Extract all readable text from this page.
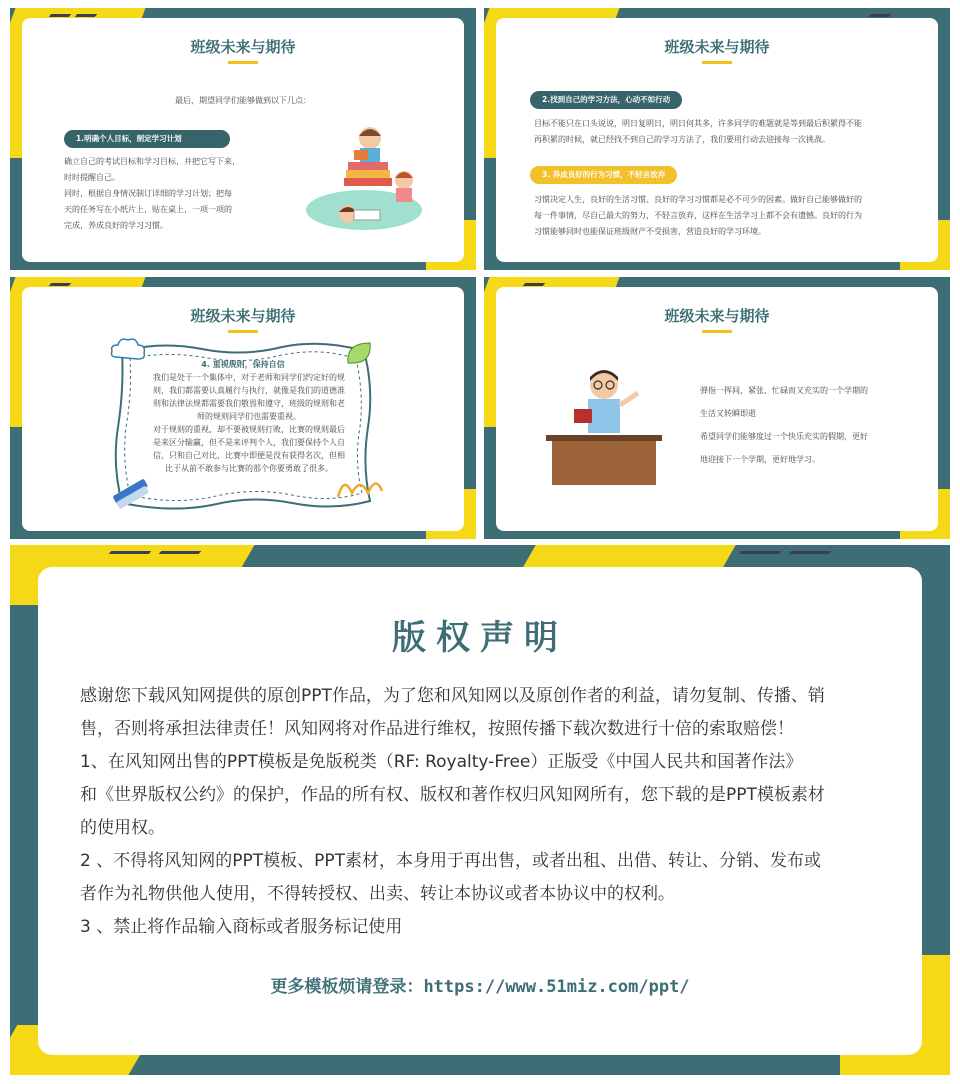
班级未来与期待
最后，期望同学们能够做到以下几点：
1.明确个人目标，制定学习计划
确立自己的考试目标和学习目标，并把它写下来，
时时提醒自己。
同时，根据自身情况制订详细的学习计划；把每
天的任务写在小纸片上，贴在桌上，一项一项的
完成，养成良好的学习习惯。
班级未来与期待
2.找到自己的学习方法，心动不如行动
目标不能只在口头说说，明日复明日，明日何其多，许多同学的难题就是等到最后积累得不能
再积累的时候，就已经找不到自己的学习方法了，我们要用行动去迎接每一次挑战。
3. 养成良好的行为习惯，不轻言放弃
习惯决定人生，良好的生活习惯、良好的学习习惯都是必不可少的因素。做好自己能够做好的
每一件事情，尽自己最大的努力，不轻言放弃，这样在生活学习上都不会有遗憾。良好的行为
习惯能够同时也能保证班级财产不受损害，营造良好的学习环境。
班级未来与期待
4. 重视规则，保持自信
我们是处于一个集体中，对于老师和同学们约定好的规
则，我们都需要认真履行与执行，就像是我们的道德准
则和法律法规都需要我们敬畏和遵守，班级的规则和老
师的规则同学们也需要重视。
对于规则的重视，却不要被规则打败，比赛的规则最后
是来区分输赢，但不是来评判个人，我们要保持个人自
信，只和自己对比，比赛中即便是没有获得名次，但相
比于从前不敢参与比赛的那个你要勇敢了很多。
班级未来与期待
弹指一挥间，紧张、忙碌而又充实的一个学期的
生活又转瞬即逝
希望同学们能够度过一个快乐充实的假期，更好
地迎接下一个学期，更好地学习。
版权声明
感谢您下载风知网提供的原创PPT作品，为了您和风知网以及原创作者的利益，请勿复制、传播、销
售，否则将承担法律责任！风知网将对作品进行维权，按照传播下载次数进行十倍的索取赔偿！
1、在风知网出售的PPT模板是免版税类（RF: Royalty-Free）正版受《中国人民共和国著作法》
和《世界版权公约》的保护，作品的所有权、版权和著作权归风知网所有，您下载的是PPT模板素材
的使用权。
2 、不得将风知网的PPT模板、PPT素材，本身用于再出售，或者出租、出借、转让、分销、发布或
者作为礼物供他人使用，不得转授权、出卖、转让本协议或者本协议中的权利。
3 、禁止将作品输入商标或者服务标记使用
更多模板烦请登录：https://www.51miz.com/ppt/
